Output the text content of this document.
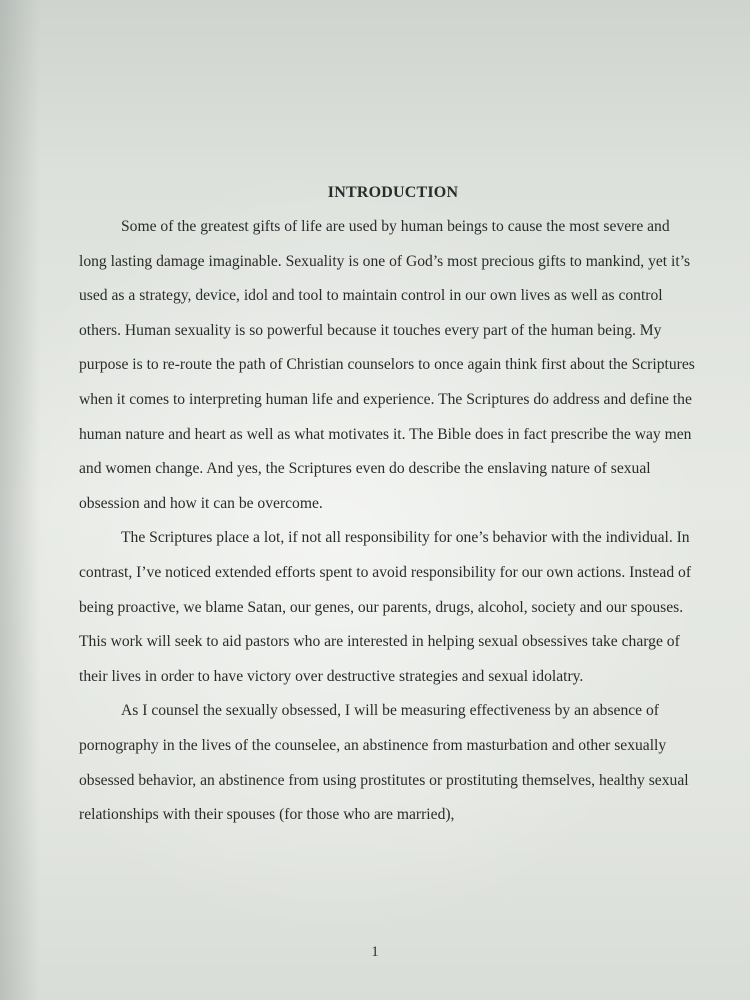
INTRODUCTION

Some of the greatest gifts of life are used by human beings to cause the most severe and long lasting damage imaginable. Sexuality is one of God’s most precious gifts to mankind, yet it’s used as a strategy, device, idol and tool to maintain control in our own lives as well as control others. Human sexuality is so powerful because it touches every part of the human being. My purpose is to re-route the path of Christian counselors to once again think first about the Scriptures when it comes to interpreting human life and experience. The Scriptures do address and define the human nature and heart as well as what motivates it. The Bible does in fact prescribe the way men and women change. And yes, the Scriptures even do describe the enslaving nature of sexual obsession and how it can be overcome.

The Scriptures place a lot, if not all responsibility for one’s behavior with the individual. In contrast, I’ve noticed extended efforts spent to avoid responsibility for our own actions. Instead of being proactive, we blame Satan, our genes, our parents, drugs, alcohol, society and our spouses. This work will seek to aid pastors who are interested in helping sexual obsessives take charge of their lives in order to have victory over destructive strategies and sexual idolatry.

As I counsel the sexually obsessed, I will be measuring effectiveness by an absence of pornography in the lives of the counselee, an abstinence from masturbation and other sexually obsessed behavior, an abstinence from using prostitutes or prostituting themselves, healthy sexual relationships with their spouses (for those who are married),

1
